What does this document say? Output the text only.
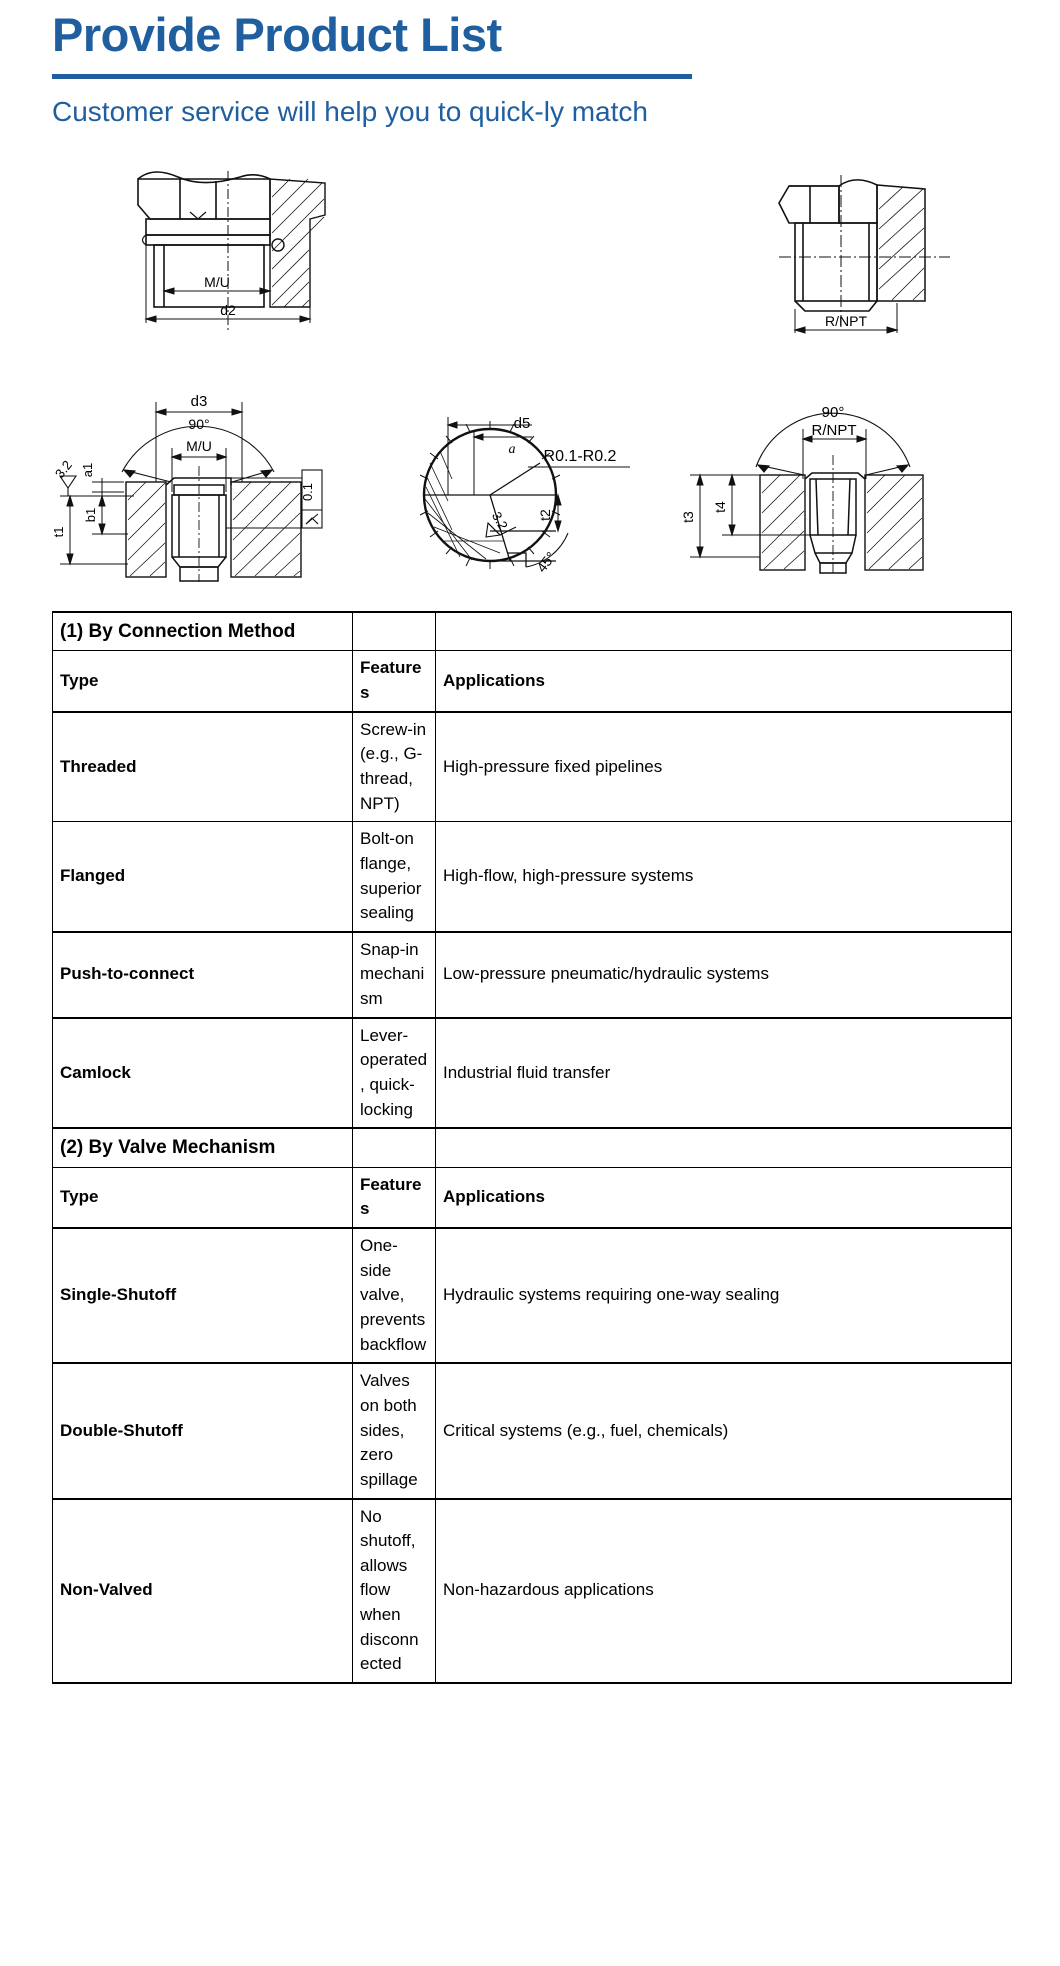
Provide Product List

Customer service will help you to quick-ly match

M/U
d2
R/NPT
d3
90°
M/U
3.2 a1
b1
t1
0.1
d5
a R0.1-R0.2
3.2 t2
45°
90°
R/NPT
t3
t4
(1) By Connection Method		
Type	Features	Applications
Threaded	Screw-in (e.g., G-thread, NPT)	High-pressure fixed pipelines
Flanged	Bolt-on flange, superior sealing	High-flow, high-pressure systems
Push-to-connect	Snap-in mechanism	Low-pressure pneumatic/hydraulic systems
Camlock	Lever-operated, quick-locking	Industrial fluid transfer
(2) By Valve Mechanism		
Type	Features	Applications
Single-Shutoff	One-side valve, prevents backflow	Hydraulic systems requiring one-way sealing
Double-Shutoff	Valves on both sides, zero spillage	Critical systems (e.g., fuel, chemicals)
Non-Valved	No shutoff, allows flow when disconnected	Non-hazardous applications
